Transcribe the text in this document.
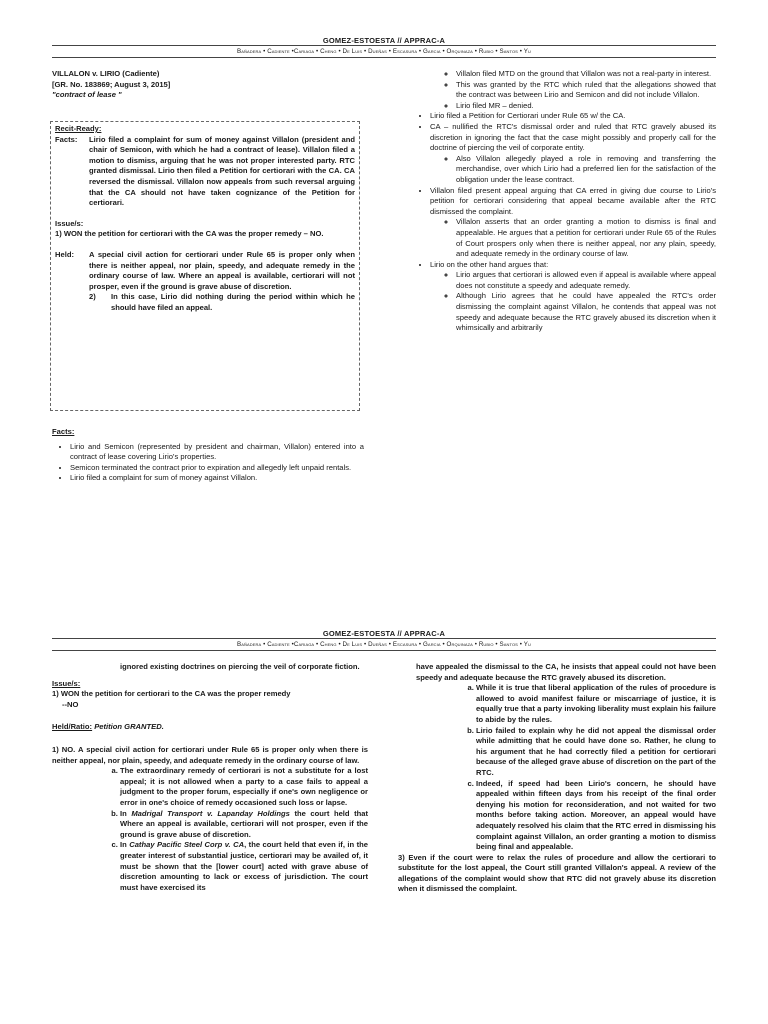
GOMEZ-ESTOESTA // APPRAC-A
Bañadera • Cadiente •Cariaga • Cheng • De Luis • Dueñas • Escasura • Garcia • Orquinaza • Rubio • Santos • Yu

VILLALON v. LIRIO (Cadiente)

[GR. No. 183869; August 3, 2015]

"contract of lease "

Recit-Ready:

Facts:	Lirio filed a complaint for sum of money against Villalon (president and chair of Semicon, with which he had a contract of lease). Villalon filed a motion to dismiss, arguing that he was not proper interested party. RTC granted dismissal. Lirio then filed a Petition for certiorari with the CA. CA reversed the dismissal. Villalon now appeals from such reversal arguing that the CA should not have taken cognizance of the Petition for certiorari.

Issue/s:

1) WON the petition for certiorari with the CA was the proper remedy – NO.

Held:	A special civil action for certiorari under Rule 65 is proper only when there is neither appeal, nor plain, speedy, and adequate remedy in the ordinary course of law. Where an appeal is available, certiorari will not prosper, even if the ground is grave abuse of discretion.

2)	In this case, Lirio did nothing during the period within which he should have filed an appeal.

Facts:

• Lirio and Semicon (represented by president and chairman, Villalon) entered into a contract of lease covering Lirio's properties.
• Semicon terminated the contract prior to expiration and allegedly left unpaid rentals.
• Lirio filed a complaint for sum of money against Villalon.
◦ Villalon filed MTD on the ground that Villalon was not a real-party in interest.
◦ This was granted by the RTC which ruled that the allegations showed that the contract was between Lirio and Semicon and did not include Villalon.
◦ Lirio filed MR – denied.
• Lirio filed a Petition for Certiorari under Rule 65 w/ the CA.
• CA – nullified the RTC's dismissal order and ruled that RTC gravely abused its discretion in ignoring the fact that the case might possibly and properly call for the doctrine of piercing the veil of corporate entity.
◦ Also Villalon allegedly played a role in removing and transferring the merchandise, over which Lirio had a preferred lien for the satisfaction of the obligation under the lease contract.
• Villalon filed present appeal arguing that CA erred in giving due course to Lirio's petition for certiorari considering that appeal became available after the RTC dismissed the complaint.
◦ Villalon asserts that an order granting a motion to dismiss is final and appealable. He argues that a petition for certiorari under Rule 65 of the Rules of Court prospers only when there is neither appeal, nor any plain, speedy, and adequate remedy in the ordinary course of law.
• Lirio on the other hand argues that:
◦ Lirio argues that certiorari is allowed even if appeal is available where appeal does not constitute a speedy and adequate remedy.
◦ Although Lirio agrees that he could have appealed the RTC's order dismissing the complaint against Villalon, he contends that appeal was not speedy and adequate because the RTC gravely abused its discretion when it whimsically and arbitrarily
GOMEZ-ESTOESTA // APPRAC-A
Bañadera • Cadiente •Cariaga • Cheng • De Luis • Dueñas • Escasura • Garcia • Orquinaza • Rubio • Santos • Yu

ignored existing doctrines on piercing the veil of corporate fiction.

Issue/s:

1) WON the petition for certiorari to the CA was the proper remedy

--NO

Held/Ratio: Petition GRANTED.

1) NO. A special civil action for certiorari under Rule 65 is proper only when there is neither appeal, nor plain, speedy, and adequate remedy in the ordinary course of law.

a. The extraordinary remedy of certiorari is not a substitute for a lost appeal; it is not allowed when a party to a case fails to appeal a judgment to the proper forum, especially if one's own negligence or error in one's choice of remedy occasioned such loss or lapse.
b. In Madrigal Transport v. Lapanday Holdings the court held that Where an appeal is available, certiorari will not prosper, even if the ground is grave abuse of discretion.
c. In Cathay Pacific Steel Corp v. CA, the court held that even if, in the greater interest of substantial justice, certiorari may be availed of, it must be shown that the [lower court] acted with grave abuse of discretion amounting to lack or excess of jurisdiction. The court must have exercised its

have appealed the dismissal to the CA, he insists that appeal could not have been speedy and adequate because the RTC gravely abused its discretion.

a. While it is true that liberal application of the rules of procedure is allowed to avoid manifest failure or miscarriage of justice, it is equally true that a party invoking liberality must explain his failure to abide by the rules.
b. Lirio failed to explain why he did not appeal the dismissal order while admitting that he could have done so. Rather, he clung to his argument that he had correctly filed a petition for certiorari because of the alleged grave abuse of discretion on the part of the RTC.
c. Indeed, if speed had been Lirio's concern, he should have appealed within fifteen days from his receipt of the final order denying his motion for reconsideration, and not waited for two months before taking action. Moreover, an appeal would have adequately resolved his claim that the RTC erred in dismissing his complaint against Villalon, an order granting a motion to dismiss being final and appealable.

3) Even if the court were to relax the rules of procedure and allow the certiorari to substitute for the lost appeal, the Court still granted Villalon's appeal. A review of the allegations of the complaint would show that RTC did not gravely abuse its discretion when it dismissed the complaint.
